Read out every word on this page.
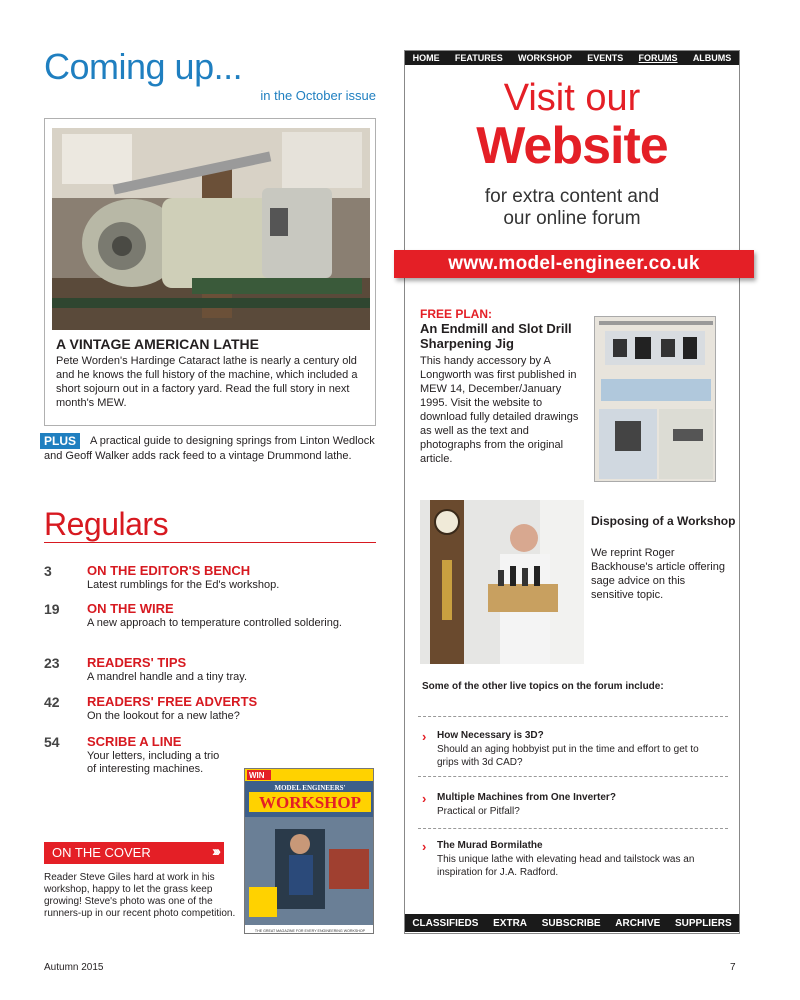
Coming up...
in the October issue
A VINTAGE AMERICAN LATHE
Pete Worden's Hardinge Cataract lathe is nearly a century old and he knows the full history of the machine, which included a short sojourn out in a factory yard. Read the full story in next month's MEW.
A practical guide to designing springs from Linton Wedlock and Geoff Walker adds rack feed to a vintage Drummond lathe.
PLUS
Regulars
3	ON THE EDITOR'S BENCH
Latest rumblings for the Ed's workshop.
19 ON THE WIRE
A new approach to temperature controlled soldering.
23 READERS' TIPS
A mandrel handle and a tiny tray.
42 READERS' FREE ADVERTS
On the lookout for a new lathe?
54 SCRIBE A LINE
Your letters, including a trio of interesting machines.
ON THE COVER	›››
Reader Steve Giles hard at work in his workshop, happy to let the grass keep growing! Steve's photo was one of the runners-up in our recent photo competition.
WIN
MODEL ENGINEERS'
WORKSHOP
THE GREAT MAGAZINE FOR EVERY ENGINEERING WORKSHOP
HOME FEATURES WORKSHOP EVENTS FORUMS ALBUMS
Visit our
Website
for extra content and
our online forum
www.model-engineer.co.uk
FREE PLAN:
An Endmill and Slot Drill Sharpening Jig
This handy accessory by A Longworth was first published in MEW 14, December/January 1995. Visit the website to download fully detailed drawings as well as the text and photographs from the original article.
Disposing of a Workshop
We reprint Roger Backhouse's article offering sage advice on this sensitive topic.
Some of the other live topics on the forum include:
› How Necessary is 3D?
Should an aging hobbyist put in the time and effort to get to grips with 3d CAD?
› Multiple Machines from One Inverter?
Practical or Pitfall?
› The Murad Bormilathe
This unique lathe with elevating head and tailstock was an inspiration for J.A. Radford.
CLASSIFIEDS EXTRA SUBSCRIBE ARCHIVE SUPPLIERS
Autumn 2015	7
